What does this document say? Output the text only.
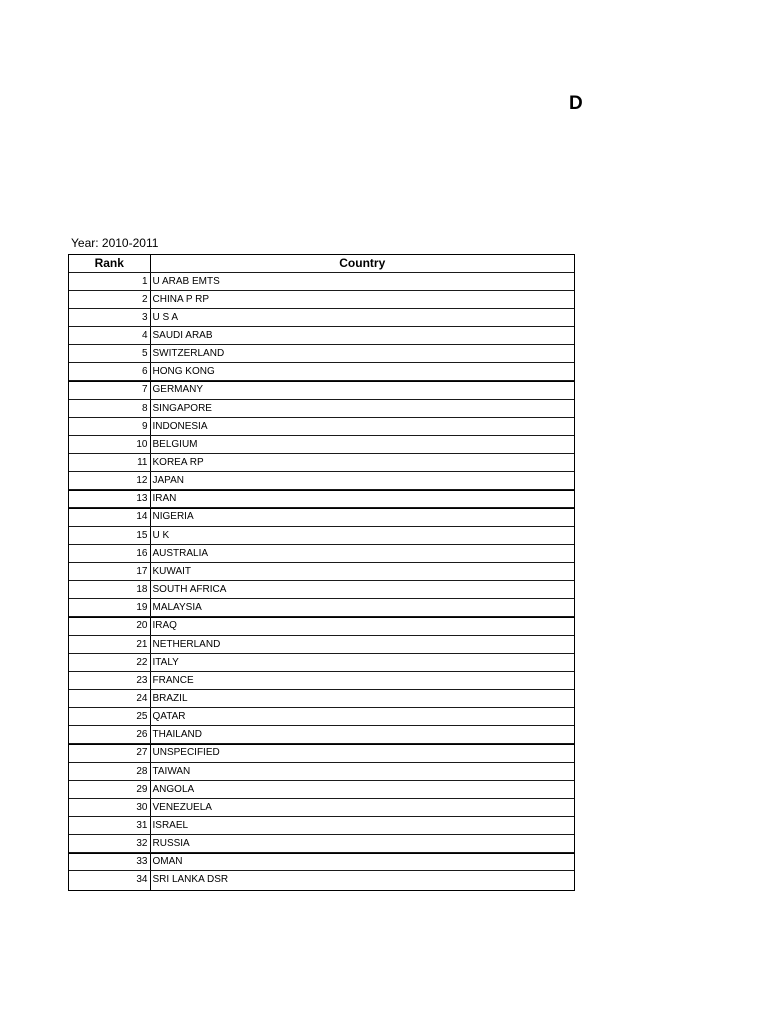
D
Year: 2010-2011
Rank	Country
1 U ARAB EMTS
2 CHINA P RP
3 U S A
4 SAUDI ARAB
5 SWITZERLAND
6 HONG KONG
7 GERMANY
8 SINGAPORE
9 INDONESIA
10 BELGIUM
11 KOREA RP
12 JAPAN
13 IRAN
14 NIGERIA
15 U K
16 AUSTRALIA
17 KUWAIT
18 SOUTH AFRICA
19 MALAYSIA
20 IRAQ
21 NETHERLAND
22 ITALY
23 FRANCE
24 BRAZIL
25 QATAR
26 THAILAND
27 UNSPECIFIED
28 TAIWAN
29 ANGOLA
30 VENEZUELA
31 ISRAEL
32 RUSSIA
33 OMAN
34 SRI LANKA DSR
